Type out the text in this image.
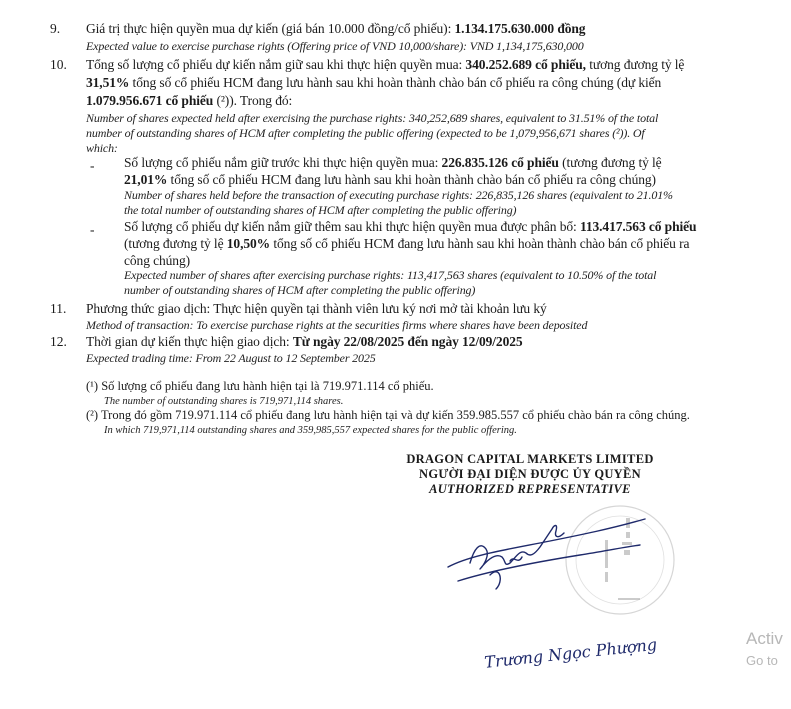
9. Giá trị thực hiện quyền mua dự kiến (giá bán 10.000 đồng/cổ phiếu): 1.134.175.630.000 đồng
Expected value to exercise purchase rights (Offering price of VND 10,000/share): VND 1,134,175,630,000
10. Tổng số lượng cổ phiếu dự kiến nắm giữ sau khi thực hiện quyền mua: 340.252.689 cổ phiếu, tương đương tỷ lệ
31,51% tổng số cổ phiếu HCM đang lưu hành sau khi hoàn thành chào bán cổ phiếu ra công chúng (dự kiến
1.079.956.671 cổ phiếu (²)). Trong đó:
Number of shares expected held after exercising the purchase rights: 340,252,689 shares, equivalent to 31.51% of the total
number of outstanding shares of HCM after completing the public offering (expected to be 1,079,956,671 shares (²)). Of
which:
- Số lượng cổ phiếu nắm giữ trước khi thực hiện quyền mua: 226.835.126 cổ phiếu (tương đương tỷ lệ
21,01% tổng số cổ phiếu HCM đang lưu hành sau khi hoàn thành chào bán cổ phiếu ra công chúng)
Number of shares held before the transaction of executing purchase rights: 226,835,126 shares (equivalent to 21.01%
the total number of outstanding shares of HCM after completing the public offering)
- Số lượng cổ phiếu dự kiến nắm giữ thêm sau khi thực hiện quyền mua được phân bổ: 113.417.563 cổ phiếu
(tương đương tỷ lệ 10,50% tổng số cổ phiếu HCM đang lưu hành sau khi hoàn thành chào bán cổ phiếu ra
công chúng)
Expected number of shares after exercising purchase rights: 113,417,563 shares (equivalent to 10.50% of the total
number of outstanding shares of HCM after completing the public offering)
11. Phương thức giao dịch: Thực hiện quyền tại thành viên lưu ký nơi mở tài khoản lưu ký
Method of transaction: To exercise purchase rights at the securities firms where shares have been deposited
12. Thời gian dự kiến thực hiện giao dịch: Từ ngày 22/08/2025 đến ngày 12/09/2025
Expected trading time: From 22 August to 12 September 2025
(¹) Số lượng cổ phiếu đang lưu hành hiện tại là 719.971.114 cổ phiếu.
The number of outstanding shares is 719,971,114 shares.
(²) Trong đó gồm 719.971.114 cổ phiếu đang lưu hành hiện tại và dự kiến 359.985.557 cổ phiếu chào bán ra công chúng.
In which 719,971,114 outstanding shares and 359,985,557 expected shares for the public offering.
DRAGON CAPITAL MARKETS LIMITED
NGƯỜI ĐẠI DIỆN ĐƯỢC ỦY QUYỀN
AUTHORIZED REPRESENTATIVE
Trương Ngọc Phượng	Activ
Go to
